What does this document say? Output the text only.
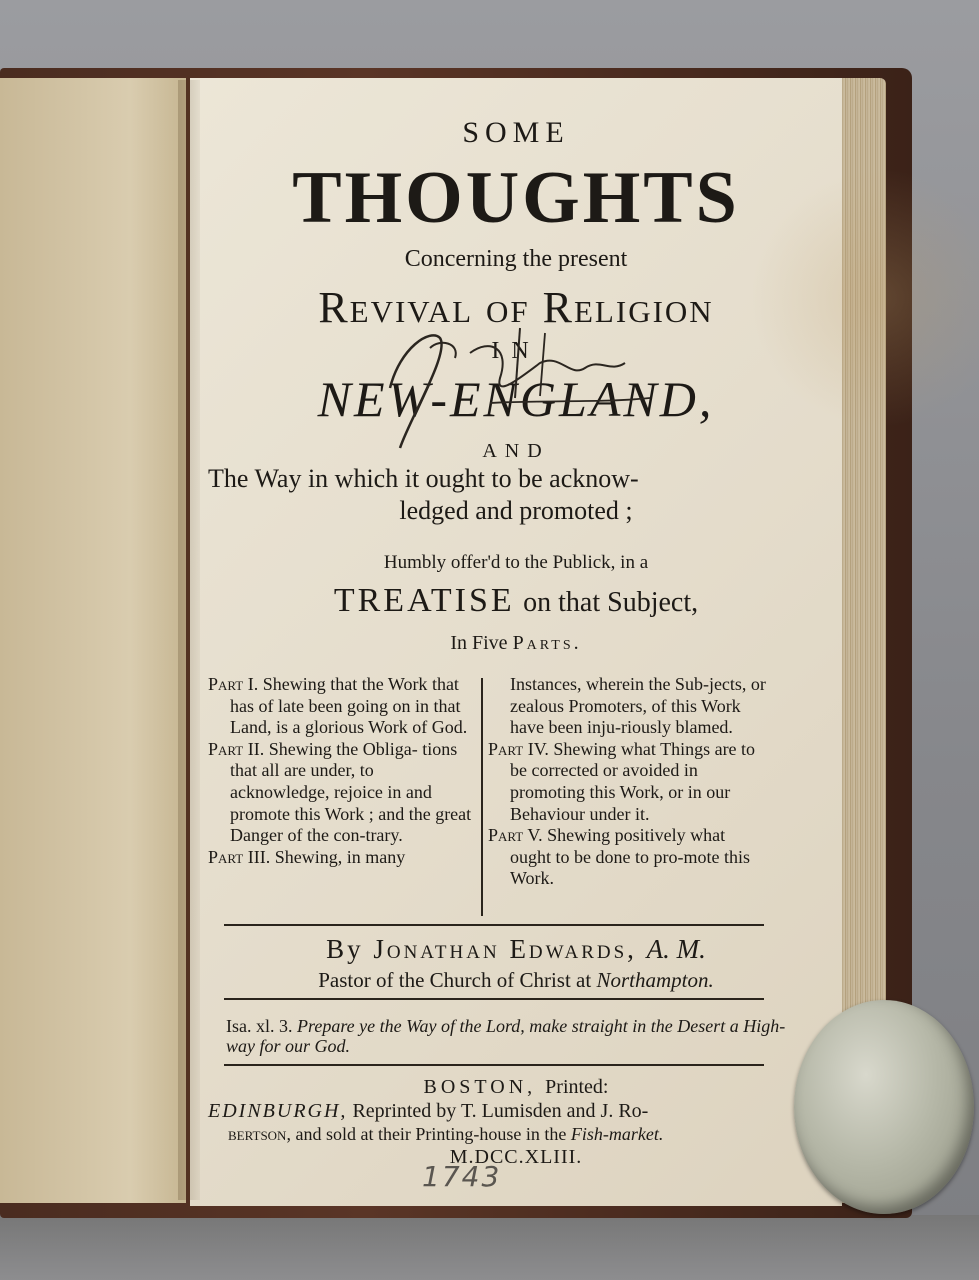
SOME
THOUGHTS
Concerning the present
Revival of Religion
IN
NEW-ENGLAND,
AND
The Way in which it ought to be acknow-
ledged and promoted ;
Humbly offer'd to the Publick, in a
TREATISE on that Subject,
In Five Parts.

Part I. Shewing that the Work that has of late been going on in that Land, is a glorious Work of God.

Part II. Shewing the Obliga- tions that all are under, to acknowledge, rejoice in and promote this Work ; and the great Danger of the con-trary.

Part III. Shewing, in many

Instances, wherein the Sub-jects, or zealous Promoters, of this Work have been inju-riously blamed.

Part IV. Shewing what Things are to be corrected or avoided in promoting this Work, or in our Behaviour under it.

Part V. Shewing positively what ought to be done to pro-mote this Work.

By Jonathan Edwards, A. M.
Pastor of the Church of Christ at Northampton.
Isa. xl. 3. Prepare ye the Way of the Lord, make straight in the Desert a High-way for our God.
BOSTON, Printed:
EDINBURGH, Reprinted by T. Lumisden and J. Ro-
bertson, and sold at their Printing-house in the Fish-market.
M.DCC.XLIII.
1743
